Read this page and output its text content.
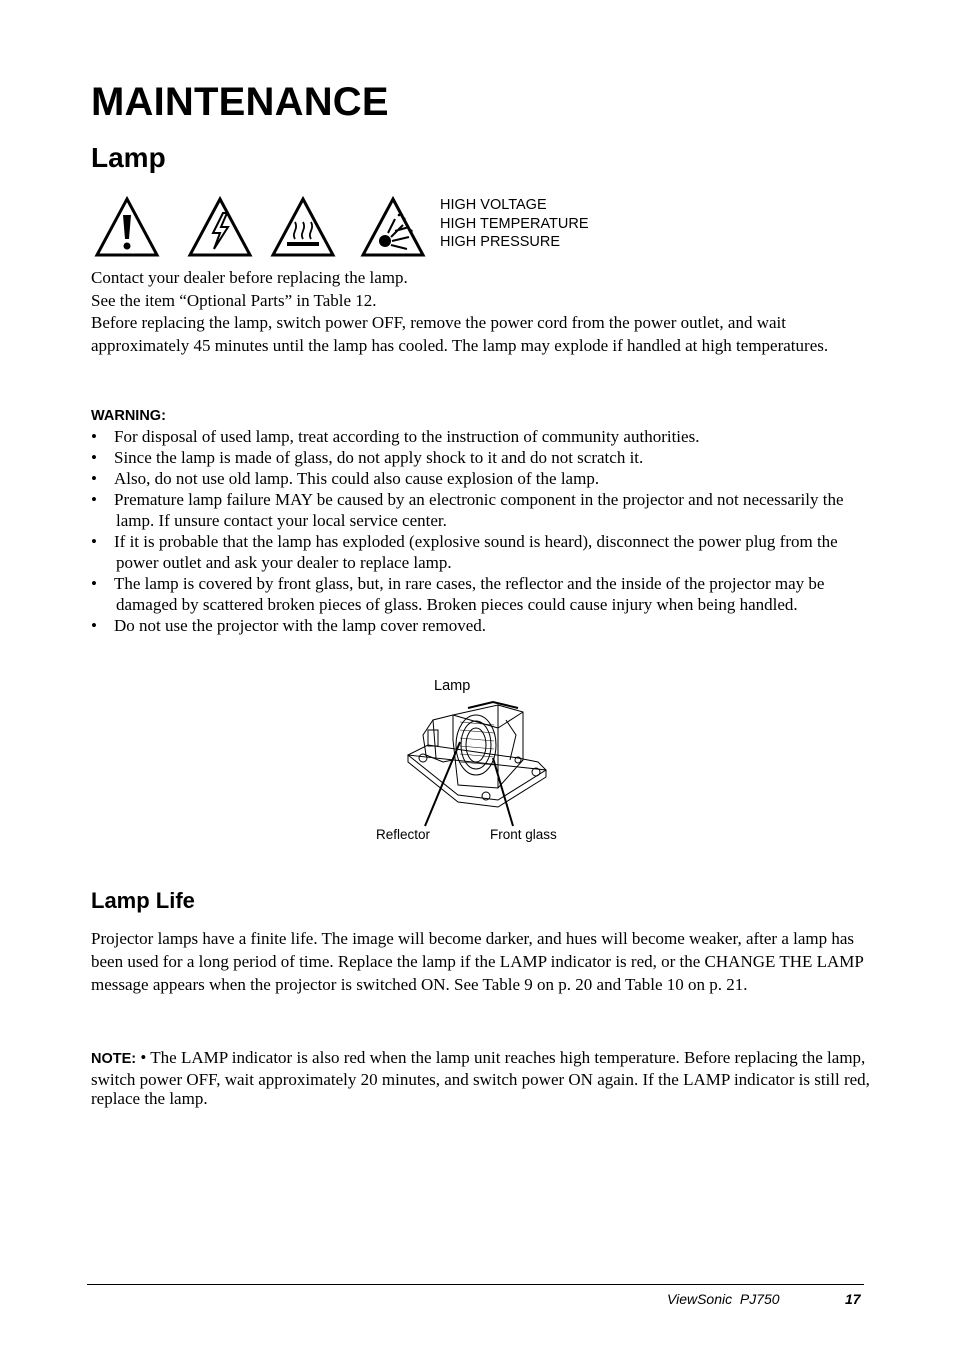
MAINTENANCE
Lamp
HIGH VOLTAGE
HIGH TEMPERATURE
HIGH PRESSURE

Contact your dealer before replacing the lamp.

See the item “Optional Parts” in Table 12.

Before replacing the lamp, switch power OFF, remove the power cord from the power outlet, and wait approximately 45 minutes until the lamp has cooled. The lamp may explode if handled at high temperatures.

WARNING:
• For disposal of used lamp, treat according to the instruction of community authorities.
• Since the lamp is made of glass, do not apply shock to it and do not scratch it.
• Also, do not use old lamp. This could also cause explosion of the lamp.
• Premature lamp failure MAY be caused by an electronic component in the projector and not necessarily the lamp. If unsure contact your local service center.
• If it is probable that the lamp has exploded (explosive sound is heard), disconnect the power plug from the power outlet and ask your dealer to replace lamp.
• The lamp is covered by front glass, but, in rare cases, the reflector and the inside of the projector may be damaged by scattered broken pieces of glass. Broken pieces could cause injury when being handled.
• Do not use the projector with the lamp cover removed.
Lamp
Reflector	Front glass
Lamp Life

Projector lamps have a finite life. The image will become darker, and hues will become weaker, after a lamp has been used for a long period of time. Replace the lamp if the LAMP indicator is red, or the CHANGE THE LAMP message appears when the projector is switched ON. See Table 9 on p. 20 and Table 10 on p. 21.

NOTE: • The LAMP indicator is also red when the lamp unit reaches high temperature. Before replacing the lamp, switch power OFF, wait approximately 20 minutes, and switch power ON again. If the LAMP indicator is still red, replace the lamp.
ViewSonic  PJ750	17
